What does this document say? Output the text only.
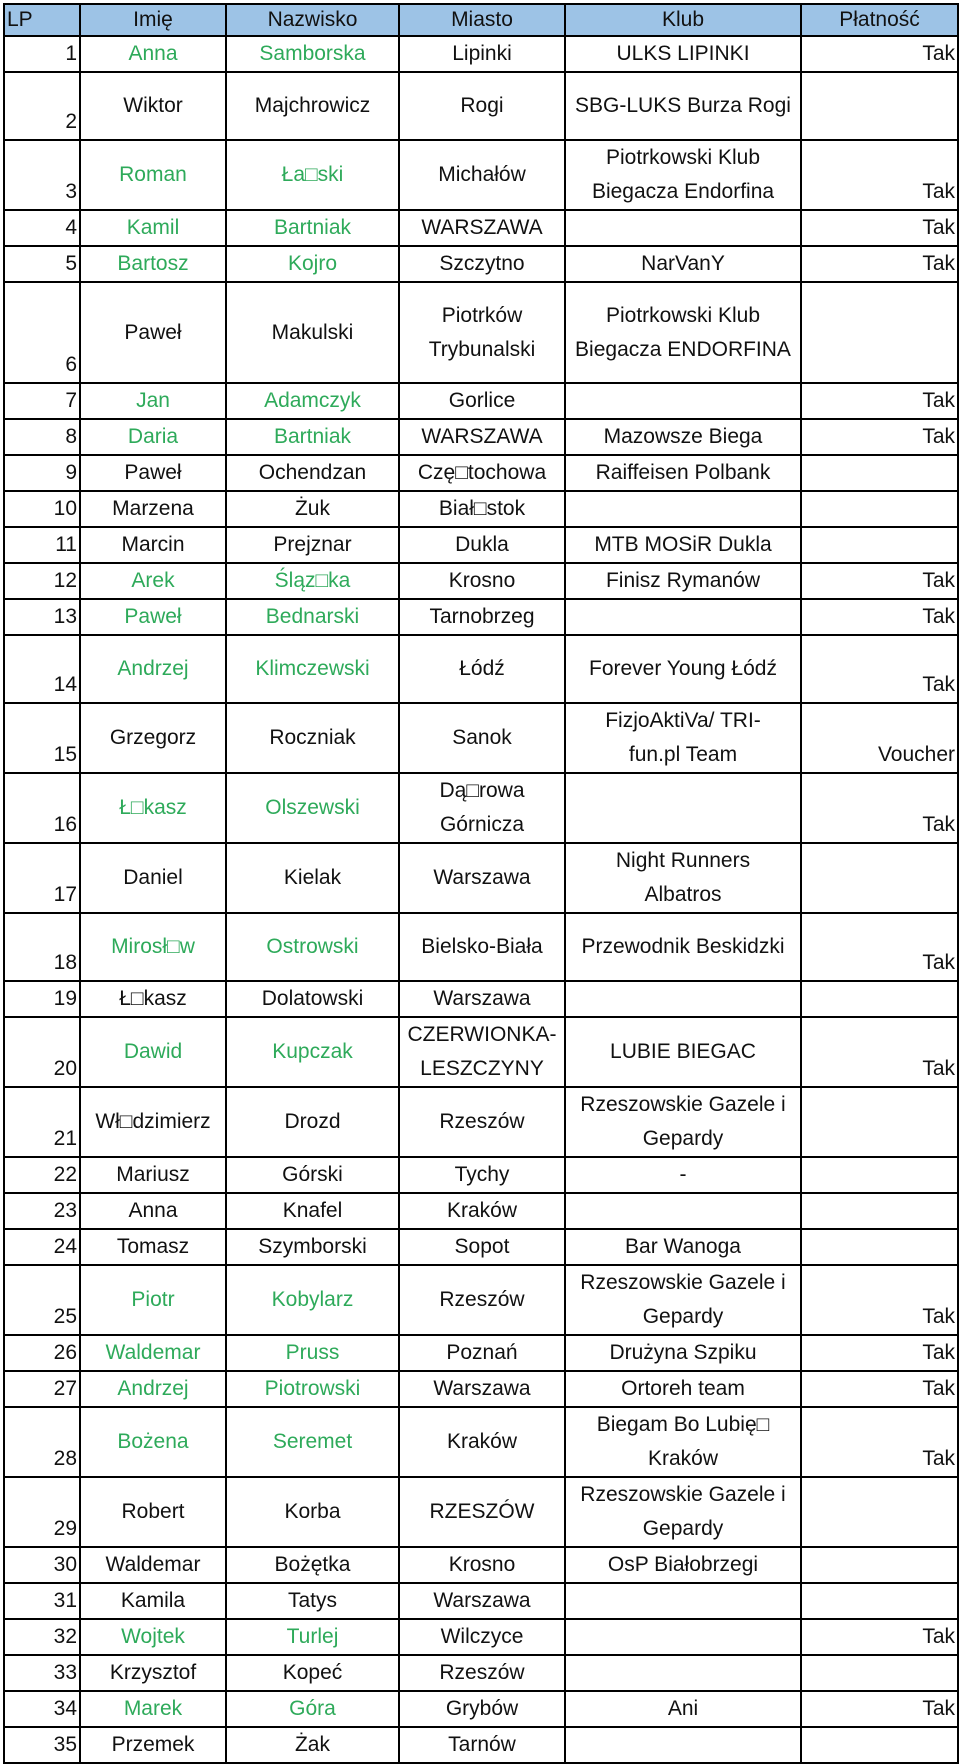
LP	Imię	Nazwisko	Miasto	Klub	Płatność
1	Anna	Samborska	Lipinki	ULKS LIPINKI	Tak
2	Wiktor	Majchrowicz	Rogi	SBG-LUKS Burza Rogi	
3	Roman	Ła□ski	Michałów	Piotrkowski Klub
Biegacza Endorfina	Tak
4	Kamil	Bartniak	WARSZAWA		Tak
5	Bartosz	Kojro	Szczytno	NarVanY	Tak
6	Paweł	Makulski	Piotrków
Trybunalski	Piotrkowski Klub
Biegacza ENDORFINA	
7	Jan	Adamczyk	Gorlice		Tak
8	Daria	Bartniak	WARSZAWA	Mazowsze Biega	Tak
9	Paweł	Ochendzan	Czę□tochowa	Raiffeisen Polbank	
10	Marzena	Żuk	Biał□stok		
11	Marcin	Prejznar	Dukla	MTB MOSiR Dukla	
12	Arek	Śląz□ka	Krosno	Finisz Rymanów	Tak
13	Paweł	Bednarski	Tarnobrzeg		Tak
14	Andrzej	Klimczewski	Łódź	Forever Young Łódź	Tak
15	Grzegorz	Roczniak	Sanok	FizjoAktiVa/ TRI-
fun.pl Team	Voucher
16	Ł□kasz	Olszewski	Dą□rowa
Górnicza		Tak
17	Daniel	Kielak	Warszawa	Night Runners
Albatros	
18	Mirosł□w	Ostrowski	Bielsko-Biała	Przewodnik Beskidzki	Tak
19	Ł□kasz	Dolatowski	Warszawa		
20	Dawid	Kupczak	CZERWIONKA-
LESZCZYNY	LUBIE BIEGAC	Tak
21	Wł□dzimierz	Drozd	Rzeszów	Rzeszowskie Gazele i
Gepardy	
22	Mariusz	Górski	Tychy	-	
23	Anna	Knafel	Kraków		
24	Tomasz	Szymborski	Sopot	Bar Wanoga	
25	Piotr	Kobylarz	Rzeszów	Rzeszowskie Gazele i
Gepardy	Tak
26	Waldemar	Pruss	Poznań	Drużyna Szpiku	Tak
27	Andrzej	Piotrowski	Warszawa	Ortoreh team	Tak
28	Bożena	Seremet	Kraków	Biegam Bo Lubię□
Kraków	Tak
29	Robert	Korba	RZESZÓW	Rzeszowskie Gazele i
Gepardy	
30	Waldemar	Bożętka	Krosno	OsP Białobrzegi	
31	Kamila	Tatys	Warszawa		
32	Wojtek	Turlej	Wilczyce		Tak
33	Krzysztof	Kopeć	Rzeszów		
34	Marek	Góra	Grybów	Ani	Tak
35	Przemek	Żak	Tarnów		
